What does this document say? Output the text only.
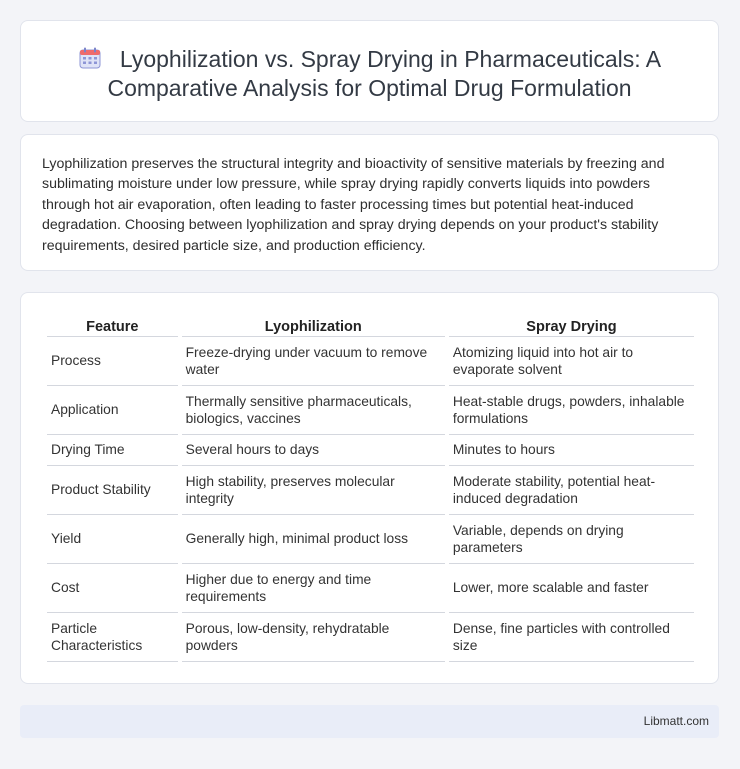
Lyophilization vs. Spray Drying in Pharmaceuticals: A Comparative Analysis for Optimal Drug Formulation

Lyophilization preserves the structural integrity and bioactivity of sensitive materials by freezing and sublimating moisture under low pressure, while spray drying rapidly converts liquids into powders through hot air evaporation, often leading to faster processing times but potential heat-induced degradation. Choosing between lyophilization and spray drying depends on your product's stability requirements, desired particle size, and production efficiency.

Feature	Lyophilization	Spray Drying
Process	Freeze-drying under vacuum to remove water	Atomizing liquid into hot air to evaporate solvent
Application	Thermally sensitive pharmaceuticals, biologics, vaccines	Heat-stable drugs, powders, inhalable formulations
Drying Time	Several hours to days	Minutes to hours
Product Stability	High stability, preserves molecular integrity	Moderate stability, potential heat-induced degradation
Yield	Generally high, minimal product loss	Variable, depends on drying parameters
Cost	Higher due to energy and time requirements	Lower, more scalable and faster
Particle Characteristics	Porous, low-density, rehydratable powders	Dense, fine particles with controlled size
Libmatt.com
